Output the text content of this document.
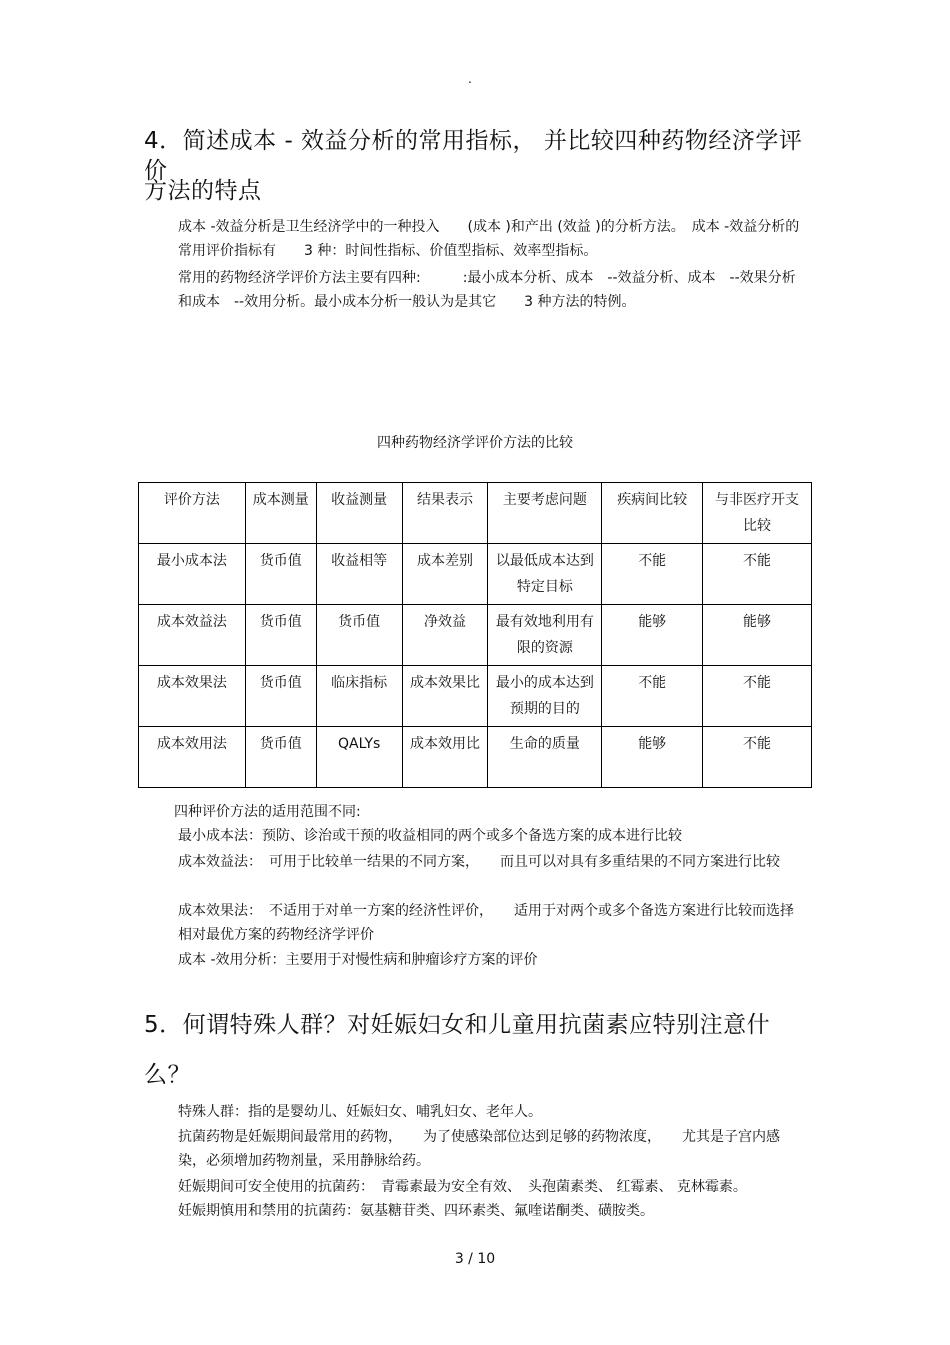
.
4．简述成本 - 效益分析的常用指标， 并比较四种药物经济学评价
方法的特点
成本 -效益分析是卫生经济学中的一种投入　　(成本 )和产出 (效益 )的分析方法。　成本 -效益分析的常用评价指标有　　3 种：时间性指标、价值型指标、效率型指标。
常用的药物经济学评价方法主要有四种:　　　:最小成本分析、成本　--效益分析、成本　--效果分析和成本　--效用分析。最小成本分析一般认为是其它　　3 种方法的特例。
四种药物经济学评价方法的比较
评价方法	成本测量	收益测量	结果表示	主要考虑问题	疾病间比较	与非医疗开支比较
最小成本法	货币值	收益相等	成本差别	以最低成本达到特定目标	不能	不能
成本效益法	货币值	货币值	净效益	最有效地利用有限的资源	能够	能够
成本效果法	货币值	临床指标	成本效果比	最小的成本达到预期的目的	不能	不能
成本效用法	货币值	QALYs	成本效用比	生命的质量	能够	不能
四种评价方法的适用范围不同:
最小成本法：预防、诊治或干预的收益相同的两个或多个备选方案的成本进行比较
成本效益法：　可用于比较单一结果的不同方案，　　而且可以对具有多重结果的不同方案进行比较
成本效果法：　不适用于对单一方案的经济性评价，　　适用于对两个或多个备选方案进行比较而选择相对最优方案的药物经济学评价
成本 -效用分析：主要用于对慢性病和肿瘤诊疗方案的评价
5．何谓特殊人群？对妊娠妇女和儿童用抗菌素应特别注意什
么？
特殊人群：指的是婴幼儿、妊娠妇女、哺乳妇女、老年人。
抗菌药物是妊娠期间最常用的药物，　　为了使感染部位达到足够的药物浓度，　　尤其是子宫内感染，必须增加药物剂量，采用静脉给药。
妊娠期间可安全使用的抗菌药：　青霉素最为安全有效、　头孢菌素类、 红霉素、 克林霉素。
妊娠期慎用和禁用的抗菌药：氨基糖苷类、四环素类、氟喹诺酮类、磺胺类。
3 / 10
